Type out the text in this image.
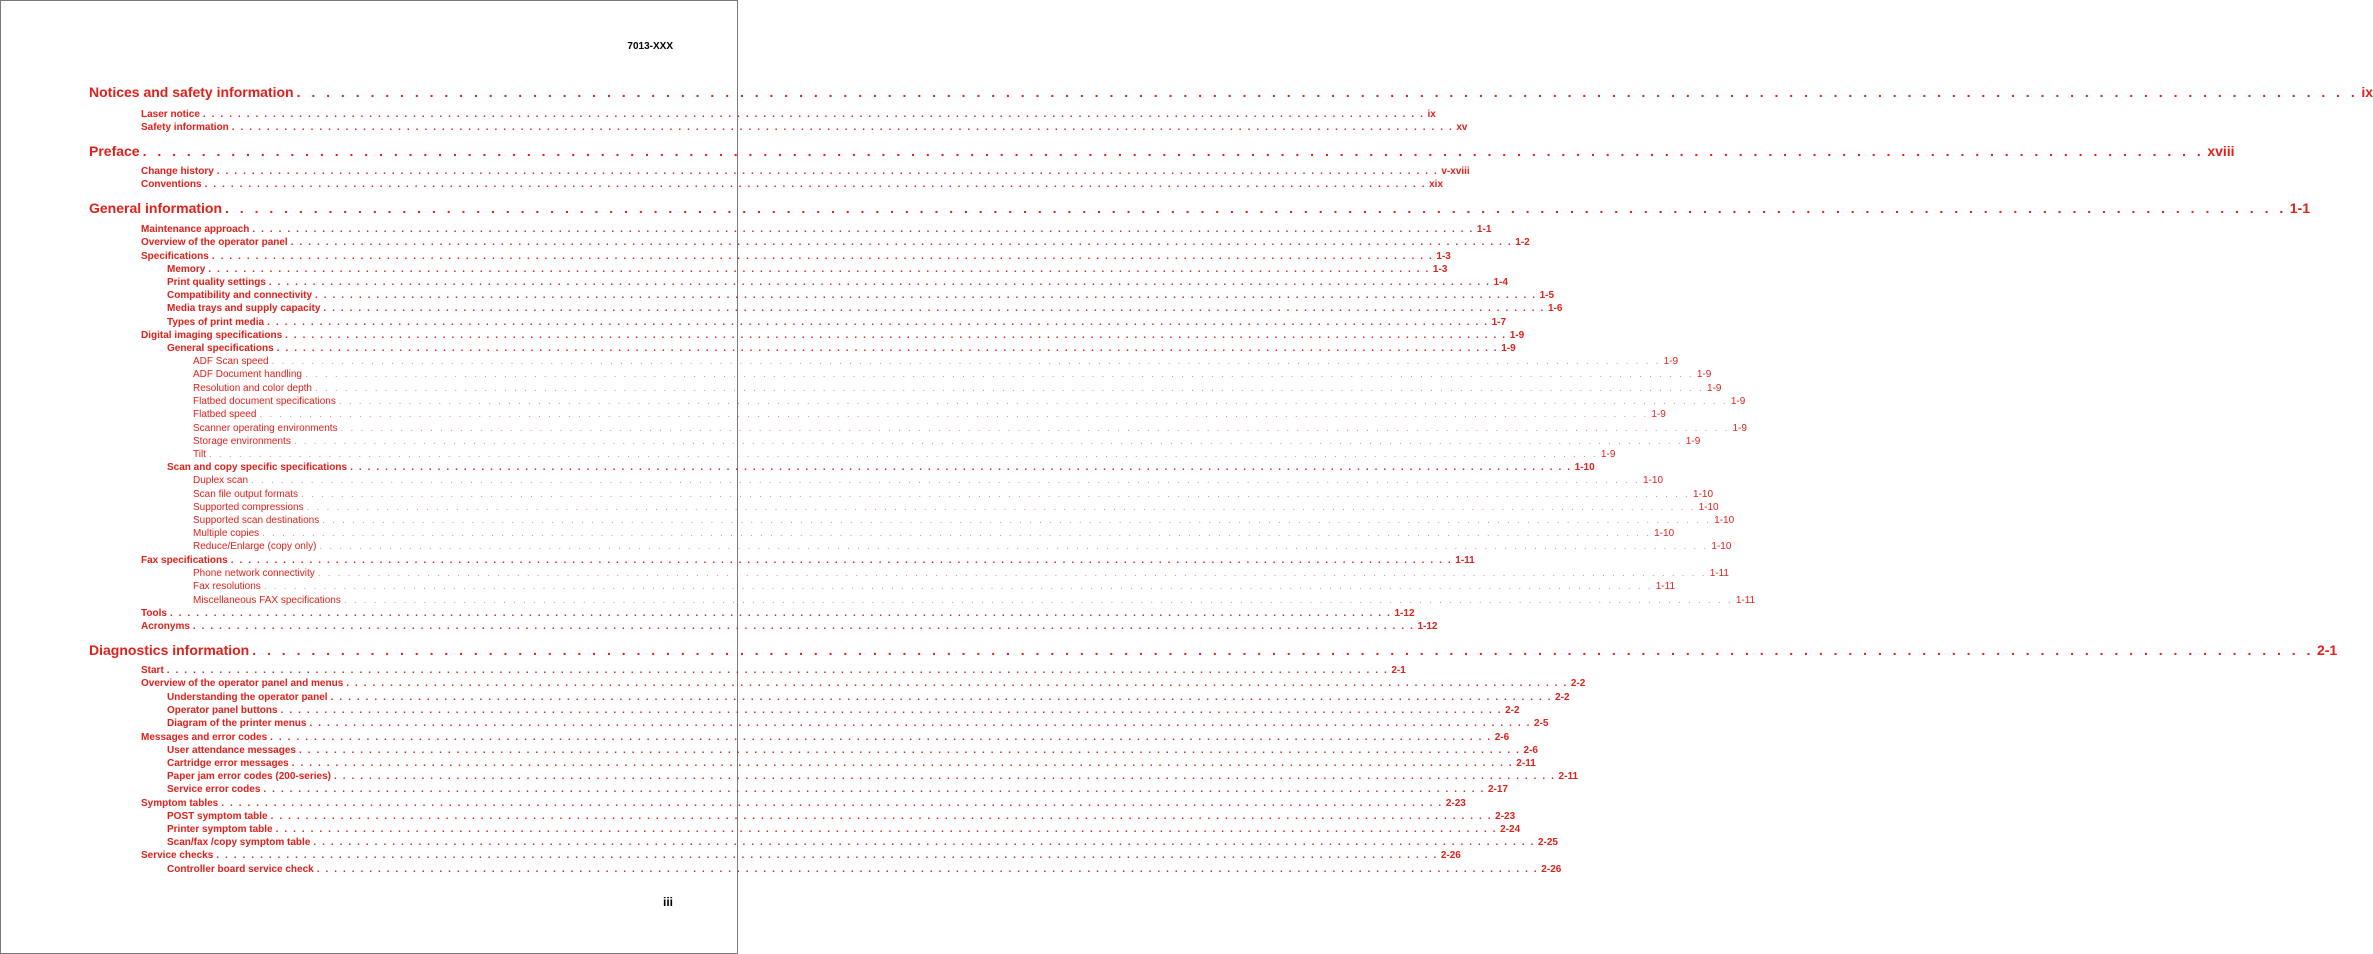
7013-XXX
Notices and safety information . . . . . . . . . . . . . . . . . . . . . . . . . . . . . . . . . . . . . . . . . . . . . . . . . . . . . . . . . . . . . . . . . . . . . . . . . . . . . . . . . . . . . . . . . . . . . . . . . . . . . . . . . . . . . . . . . . . . . . . . . . . . . . . . . . . . . . . . . . . . ix
Laser notice . . . . . . . . . . . . . . . . . . . . . . . . . . . . . . . . . . . . . . . . . . . . . . . . . . . . . . . . . . . . . . . . . . . . . . . . . . . . . . . . . . . . . . . . . . . . . . . . . . . . . . . . . . . . . . . . . . . . . . . . . . . . . . . . . . . . . . . . . . . . ix
Safety information . . . . . . . . . . . . . . . . . . . . . . . . . . . . . . . . . . . . . . . . . . . . . . . . . . . . . . . . . . . . . . . . . . . . . . . . . . . . . . . . . . . . . . . . . . . . . . . . . . . . . . . . . . . . . . . . . . . . . . . . . . . . . . . . . . . . . . . . . . . . xv
Preface . . . . . . . . . . . . . . . . . . . . . . . . . . . . . . . . . . . . . . . . . . . . . . . . . . . . . . . . . . . . . . . . . . . . . . . . . . . . . . . . . . . . . . . . . . . . . . . . . . . . . . . . . . . . . . . . . . . . . . . . . . . . . . . . . . . . . . . . . . . . xviii
Change history . . . . . . . . . . . . . . . . . . . . . . . . . . . . . . . . . . . . . . . . . . . . . . . . . . . . . . . . . . . . . . . . . . . . . . . . . . . . . . . . . . . . . . . . . . . . . . . . . . . . . . . . . . . . . . . . . . . . . . . . . . . . . . . . . . . . . . . . . . . . v-xviii
Conventions . . . . . . . . . . . . . . . . . . . . . . . . . . . . . . . . . . . . . . . . . . . . . . . . . . . . . . . . . . . . . . . . . . . . . . . . . . . . . . . . . . . . . . . . . . . . . . . . . . . . . . . . . . . . . . . . . . . . . . . . . . . . . . . . . . . . . . . . . . . . xix
General information . . . . . . . . . . . . . . . . . . . . . . . . . . . . . . . . . . . . . . . . . . . . . . . . . . . . . . . . . . . . . . . . . . . . . . . . . . . . . . . . . . . . . . . . . . . . . . . . . . . . . . . . . . . . . . . . . . . . . . . . . . . . . . . . . . . . . . . . . . . . 1-1
Maintenance approach . . . . . . . . . . . . . . . . . . . . . . . . . . . . . . . . . . . . . . . . . . . . . . . . . . . . . . . . . . . . . . . . . . . . . . . . . . . . . . . . . . . . . . . . . . . . . . . . . . . . . . . . . . . . . . . . . . . . . . . . . . . . . . . . . . . . . . . . . . . . 1-1
Overview of the operator panel . . . . . . . . . . . . . . . . . . . . . . . . . . . . . . . . . . . . . . . . . . . . . . . . . . . . . . . . . . . . . . . . . . . . . . . . . . . . . . . . . . . . . . . . . . . . . . . . . . . . . . . . . . . . . . . . . . . . . . . . . . . . . . . . . . . . . . . . . . . . 1-2
Specifications . . . . . . . . . . . . . . . . . . . . . . . . . . . . . . . . . . . . . . . . . . . . . . . . . . . . . . . . . . . . . . . . . . . . . . . . . . . . . . . . . . . . . . . . . . . . . . . . . . . . . . . . . . . . . . . . . . . . . . . . . . . . . . . . . . . . . . . . . . . . 1-3
Memory . . . . . . . . . . . . . . . . . . . . . . . . . . . . . . . . . . . . . . . . . . . . . . . . . . . . . . . . . . . . . . . . . . . . . . . . . . . . . . . . . . . . . . . . . . . . . . . . . . . . . . . . . . . . . . . . . . . . . . . . . . . . . . . . . . . . . . . . . . . . 1-3
Print quality settings . . . . . . . . . . . . . . . . . . . . . . . . . . . . . . . . . . . . . . . . . . . . . . . . . . . . . . . . . . . . . . . . . . . . . . . . . . . . . . . . . . . . . . . . . . . . . . . . . . . . . . . . . . . . . . . . . . . . . . . . . . . . . . . . . . . . . . . . . . . . 1-4
Compatibility and connectivity . . . . . . . . . . . . . . . . . . . . . . . . . . . . . . . . . . . . . . . . . . . . . . . . . . . . . . . . . . . . . . . . . . . . . . . . . . . . . . . . . . . . . . . . . . . . . . . . . . . . . . . . . . . . . . . . . . . . . . . . . . . . . . . . . . . . . . . . . . . . 1-5
Media trays and supply capacity . . . . . . . . . . . . . . . . . . . . . . . . . . . . . . . . . . . . . . . . . . . . . . . . . . . . . . . . . . . . . . . . . . . . . . . . . . . . . . . . . . . . . . . . . . . . . . . . . . . . . . . . . . . . . . . . . . . . . . . . . . . . . . . . . . . . . . . . . . . . 1-6
Types of print media . . . . . . . . . . . . . . . . . . . . . . . . . . . . . . . . . . . . . . . . . . . . . . . . . . . . . . . . . . . . . . . . . . . . . . . . . . . . . . . . . . . . . . . . . . . . . . . . . . . . . . . . . . . . . . . . . . . . . . . . . . . . . . . . . . . . . . . . . . . . 1-7
Digital imaging specifications . . . . . . . . . . . . . . . . . . . . . . . . . . . . . . . . . . . . . . . . . . . . . . . . . . . . . . . . . . . . . . . . . . . . . . . . . . . . . . . . . . . . . . . . . . . . . . . . . . . . . . . . . . . . . . . . . . . . . . . . . . . . . . . . . . . . . . . . . . . . 1-9
General specifications . . . . . . . . . . . . . . . . . . . . . . . . . . . . . . . . . . . . . . . . . . . . . . . . . . . . . . . . . . . . . . . . . . . . . . . . . . . . . . . . . . . . . . . . . . . . . . . . . . . . . . . . . . . . . . . . . . . . . . . . . . . . . . . . . . . . . . . . . . . . 1-9
ADF Scan speed . . . . . . . . . . . . . . . . . . . . . . . . . . . . . . . . . . . . . . . . . . . . . . . . . . . . . . . . . . . . . . . . . . . . . . . . . . . . . . . . . . . . . . . . . . . . . . . . . . . . . . . . . . . . . . . . . . . . . . . . . . . . . . . . . . . . . . . . . . . . 1-9
ADF Document handling . . . . . . . . . . . . . . . . . . . . . . . . . . . . . . . . . . . . . . . . . . . . . . . . . . . . . . . . . . . . . . . . . . . . . . . . . . . . . . . . . . . . . . . . . . . . . . . . . . . . . . . . . . . . . . . . . . . . . . . . . . . . . . . . . . . . . . . . . . . . 1-9
Resolution and color depth . . . . . . . . . . . . . . . . . . . . . . . . . . . . . . . . . . . . . . . . . . . . . . . . . . . . . . . . . . . . . . . . . . . . . . . . . . . . . . . . . . . . . . . . . . . . . . . . . . . . . . . . . . . . . . . . . . . . . . . . . . . . . . . . . . . . . . . . . . . . 1-9
Flatbed document specifications . . . . . . . . . . . . . . . . . . . . . . . . . . . . . . . . . . . . . . . . . . . . . . . . . . . . . . . . . . . . . . . . . . . . . . . . . . . . . . . . . . . . . . . . . . . . . . . . . . . . . . . . . . . . . . . . . . . . . . . . . . . . . . . . . . . . . . . . . . . . 1-9
Flatbed speed . . . . . . . . . . . . . . . . . . . . . . . . . . . . . . . . . . . . . . . . . . . . . . . . . . . . . . . . . . . . . . . . . . . . . . . . . . . . . . . . . . . . . . . . . . . . . . . . . . . . . . . . . . . . . . . . . . . . . . . . . . . . . . . . . . . . . . . . . . . . 1-9
Scanner operating environments . . . . . . . . . . . . . . . . . . . . . . . . . . . . . . . . . . . . . . . . . . . . . . . . . . . . . . . . . . . . . . . . . . . . . . . . . . . . . . . . . . . . . . . . . . . . . . . . . . . . . . . . . . . . . . . . . . . . . . . . . . . . . . . . . . . . . . . . . . . . 1-9
Storage environments . . . . . . . . . . . . . . . . . . . . . . . . . . . . . . . . . . . . . . . . . . . . . . . . . . . . . . . . . . . . . . . . . . . . . . . . . . . . . . . . . . . . . . . . . . . . . . . . . . . . . . . . . . . . . . . . . . . . . . . . . . . . . . . . . . . . . . . . . . . . 1-9
Tilt . . . . . . . . . . . . . . . . . . . . . . . . . . . . . . . . . . . . . . . . . . . . . . . . . . . . . . . . . . . . . . . . . . . . . . . . . . . . . . . . . . . . . . . . . . . . . . . . . . . . . . . . . . . . . . . . . . . . . . . . . . . . . . . . . . . . . . . . . . . . 1-9
Scan and copy specific specifications . . . . . . . . . . . . . . . . . . . . . . . . . . . . . . . . . . . . . . . . . . . . . . . . . . . . . . . . . . . . . . . . . . . . . . . . . . . . . . . . . . . . . . . . . . . . . . . . . . . . . . . . . . . . . . . . . . . . . . . . . . . . . . . . . . . . . . . . . . . . 1-10
Duplex scan . . . . . . . . . . . . . . . . . . . . . . . . . . . . . . . . . . . . . . . . . . . . . . . . . . . . . . . . . . . . . . . . . . . . . . . . . . . . . . . . . . . . . . . . . . . . . . . . . . . . . . . . . . . . . . . . . . . . . . . . . . . . . . . . . . . . . . . . . . . . 1-10
Scan file output formats . . . . . . . . . . . . . . . . . . . . . . . . . . . . . . . . . . . . . . . . . . . . . . . . . . . . . . . . . . . . . . . . . . . . . . . . . . . . . . . . . . . . . . . . . . . . . . . . . . . . . . . . . . . . . . . . . . . . . . . . . . . . . . . . . . . . . . . . . . . . 1-10
Supported compressions . . . . . . . . . . . . . . . . . . . . . . . . . . . . . . . . . . . . . . . . . . . . . . . . . . . . . . . . . . . . . . . . . . . . . . . . . . . . . . . . . . . . . . . . . . . . . . . . . . . . . . . . . . . . . . . . . . . . . . . . . . . . . . . . . . . . . . . . . . . . 1-10
Supported scan destinations . . . . . . . . . . . . . . . . . . . . . . . . . . . . . . . . . . . . . . . . . . . . . . . . . . . . . . . . . . . . . . . . . . . . . . . . . . . . . . . . . . . . . . . . . . . . . . . . . . . . . . . . . . . . . . . . . . . . . . . . . . . . . . . . . . . . . . . . . . . . 1-10
Multiple copies . . . . . . . . . . . . . . . . . . . . . . . . . . . . . . . . . . . . . . . . . . . . . . . . . . . . . . . . . . . . . . . . . . . . . . . . . . . . . . . . . . . . . . . . . . . . . . . . . . . . . . . . . . . . . . . . . . . . . . . . . . . . . . . . . . . . . . . . . . . . 1-10
Reduce/Enlarge (copy only) . . . . . . . . . . . . . . . . . . . . . . . . . . . . . . . . . . . . . . . . . . . . . . . . . . . . . . . . . . . . . . . . . . . . . . . . . . . . . . . . . . . . . . . . . . . . . . . . . . . . . . . . . . . . . . . . . . . . . . . . . . . . . . . . . . . . . . . . . . . . 1-10
Fax specifications . . . . . . . . . . . . . . . . . . . . . . . . . . . . . . . . . . . . . . . . . . . . . . . . . . . . . . . . . . . . . . . . . . . . . . . . . . . . . . . . . . . . . . . . . . . . . . . . . . . . . . . . . . . . . . . . . . . . . . . . . . . . . . . . . . . . . . . . . . . . 1-11
Phone network connectivity . . . . . . . . . . . . . . . . . . . . . . . . . . . . . . . . . . . . . . . . . . . . . . . . . . . . . . . . . . . . . . . . . . . . . . . . . . . . . . . . . . . . . . . . . . . . . . . . . . . . . . . . . . . . . . . . . . . . . . . . . . . . . . . . . . . . . . . . . . . . 1-11
Fax resolutions . . . . . . . . . . . . . . . . . . . . . . . . . . . . . . . . . . . . . . . . . . . . . . . . . . . . . . . . . . . . . . . . . . . . . . . . . . . . . . . . . . . . . . . . . . . . . . . . . . . . . . . . . . . . . . . . . . . . . . . . . . . . . . . . . . . . . . . . . . . . 1-11
Miscellaneous FAX specifications . . . . . . . . . . . . . . . . . . . . . . . . . . . . . . . . . . . . . . . . . . . . . . . . . . . . . . . . . . . . . . . . . . . . . . . . . . . . . . . . . . . . . . . . . . . . . . . . . . . . . . . . . . . . . . . . . . . . . . . . . . . . . . . . . . . . . . . . . . . . 1-11
Tools . . . . . . . . . . . . . . . . . . . . . . . . . . . . . . . . . . . . . . . . . . . . . . . . . . . . . . . . . . . . . . . . . . . . . . . . . . . . . . . . . . . . . . . . . . . . . . . . . . . . . . . . . . . . . . . . . . . . . . . . . . . . . . . . . . . . . . . . . . . . 1-12
Acronyms . . . . . . . . . . . . . . . . . . . . . . . . . . . . . . . . . . . . . . . . . . . . . . . . . . . . . . . . . . . . . . . . . . . . . . . . . . . . . . . . . . . . . . . . . . . . . . . . . . . . . . . . . . . . . . . . . . . . . . . . . . . . . . . . . . . . . . . . . . . . 1-12
Diagnostics information . . . . . . . . . . . . . . . . . . . . . . . . . . . . . . . . . . . . . . . . . . . . . . . . . . . . . . . . . . . . . . . . . . . . . . . . . . . . . . . . . . . . . . . . . . . . . . . . . . . . . . . . . . . . . . . . . . . . . . . . . . . . . . . . . . . . . . . . . . . . 2-1
Start . . . . . . . . . . . . . . . . . . . . . . . . . . . . . . . . . . . . . . . . . . . . . . . . . . . . . . . . . . . . . . . . . . . . . . . . . . . . . . . . . . . . . . . . . . . . . . . . . . . . . . . . . . . . . . . . . . . . . . . . . . . . . . . . . . . . . . . . . . . . 2-1
Overview of the operator panel and menus . . . . . . . . . . . . . . . . . . . . . . . . . . . . . . . . . . . . . . . . . . . . . . . . . . . . . . . . . . . . . . . . . . . . . . . . . . . . . . . . . . . . . . . . . . . . . . . . . . . . . . . . . . . . . . . . . . . . . . . . . . . . . . . . . . . . . . . . . . . . 2-2
Understanding the operator panel . . . . . . . . . . . . . . . . . . . . . . . . . . . . . . . . . . . . . . . . . . . . . . . . . . . . . . . . . . . . . . . . . . . . . . . . . . . . . . . . . . . . . . . . . . . . . . . . . . . . . . . . . . . . . . . . . . . . . . . . . . . . . . . . . . . . . . . . . . . . 2-2
Operator panel buttons . . . . . . . . . . . . . . . . . . . . . . . . . . . . . . . . . . . . . . . . . . . . . . . . . . . . . . . . . . . . . . . . . . . . . . . . . . . . . . . . . . . . . . . . . . . . . . . . . . . . . . . . . . . . . . . . . . . . . . . . . . . . . . . . . . . . . . . . . . . . 2-2
Diagram of the printer menus . . . . . . . . . . . . . . . . . . . . . . . . . . . . . . . . . . . . . . . . . . . . . . . . . . . . . . . . . . . . . . . . . . . . . . . . . . . . . . . . . . . . . . . . . . . . . . . . . . . . . . . . . . . . . . . . . . . . . . . . . . . . . . . . . . . . . . . . . . . . 2-5
Messages and error codes . . . . . . . . . . . . . . . . . . . . . . . . . . . . . . . . . . . . . . . . . . . . . . . . . . . . . . . . . . . . . . . . . . . . . . . . . . . . . . . . . . . . . . . . . . . . . . . . . . . . . . . . . . . . . . . . . . . . . . . . . . . . . . . . . . . . . . . . . . . . 2-6
User attendance messages . . . . . . . . . . . . . . . . . . . . . . . . . . . . . . . . . . . . . . . . . . . . . . . . . . . . . . . . . . . . . . . . . . . . . . . . . . . . . . . . . . . . . . . . . . . . . . . . . . . . . . . . . . . . . . . . . . . . . . . . . . . . . . . . . . . . . . . . . . . . 2-6
Cartridge error messages . . . . . . . . . . . . . . . . . . . . . . . . . . . . . . . . . . . . . . . . . . . . . . . . . . . . . . . . . . . . . . . . . . . . . . . . . . . . . . . . . . . . . . . . . . . . . . . . . . . . . . . . . . . . . . . . . . . . . . . . . . . . . . . . . . . . . . . . . . . . 2-11
Paper jam error codes (200-series) . . . . . . . . . . . . . . . . . . . . . . . . . . . . . . . . . . . . . . . . . . . . . . . . . . . . . . . . . . . . . . . . . . . . . . . . . . . . . . . . . . . . . . . . . . . . . . . . . . . . . . . . . . . . . . . . . . . . . . . . . . . . . . . . . . . . . . . . . . . . 2-11
Service error codes . . . . . . . . . . . . . . . . . . . . . . . . . . . . . . . . . . . . . . . . . . . . . . . . . . . . . . . . . . . . . . . . . . . . . . . . . . . . . . . . . . . . . . . . . . . . . . . . . . . . . . . . . . . . . . . . . . . . . . . . . . . . . . . . . . . . . . . . . . . . 2-17
Symptom tables . . . . . . . . . . . . . . . . . . . . . . . . . . . . . . . . . . . . . . . . . . . . . . . . . . . . . . . . . . . . . . . . . . . . . . . . . . . . . . . . . . . . . . . . . . . . . . . . . . . . . . . . . . . . . . . . . . . . . . . . . . . . . . . . . . . . . . . . . . . . 2-23
POST symptom table . . . . . . . . . . . . . . . . . . . . . . . . . . . . . . . . . . . . . . . . . . . . . . . . . . . . . . . . . . . . . . . . . . . . . . . . . . . . . . . . . . . . . . . . . . . . . . . . . . . . . . . . . . . . . . . . . . . . . . . . . . . . . . . . . . . . . . . . . . . . 2-23
Printer symptom table . . . . . . . . . . . . . . . . . . . . . . . . . . . . . . . . . . . . . . . . . . . . . . . . . . . . . . . . . . . . . . . . . . . . . . . . . . . . . . . . . . . . . . . . . . . . . . . . . . . . . . . . . . . . . . . . . . . . . . . . . . . . . . . . . . . . . . . . . . . . 2-24
Scan/fax /copy symptom table . . . . . . . . . . . . . . . . . . . . . . . . . . . . . . . . . . . . . . . . . . . . . . . . . . . . . . . . . . . . . . . . . . . . . . . . . . . . . . . . . . . . . . . . . . . . . . . . . . . . . . . . . . . . . . . . . . . . . . . . . . . . . . . . . . . . . . . . . . . . 2-25
Service checks . . . . . . . . . . . . . . . . . . . . . . . . . . . . . . . . . . . . . . . . . . . . . . . . . . . . . . . . . . . . . . . . . . . . . . . . . . . . . . . . . . . . . . . . . . . . . . . . . . . . . . . . . . . . . . . . . . . . . . . . . . . . . . . . . . . . . . . . . . . . 2-26
Controller board service check . . . . . . . . . . . . . . . . . . . . . . . . . . . . . . . . . . . . . . . . . . . . . . . . . . . . . . . . . . . . . . . . . . . . . . . . . . . . . . . . . . . . . . . . . . . . . . . . . . . . . . . . . . . . . . . . . . . . . . . . . . . . . . . . . . . . . . . . . . . . 2-26
iii
